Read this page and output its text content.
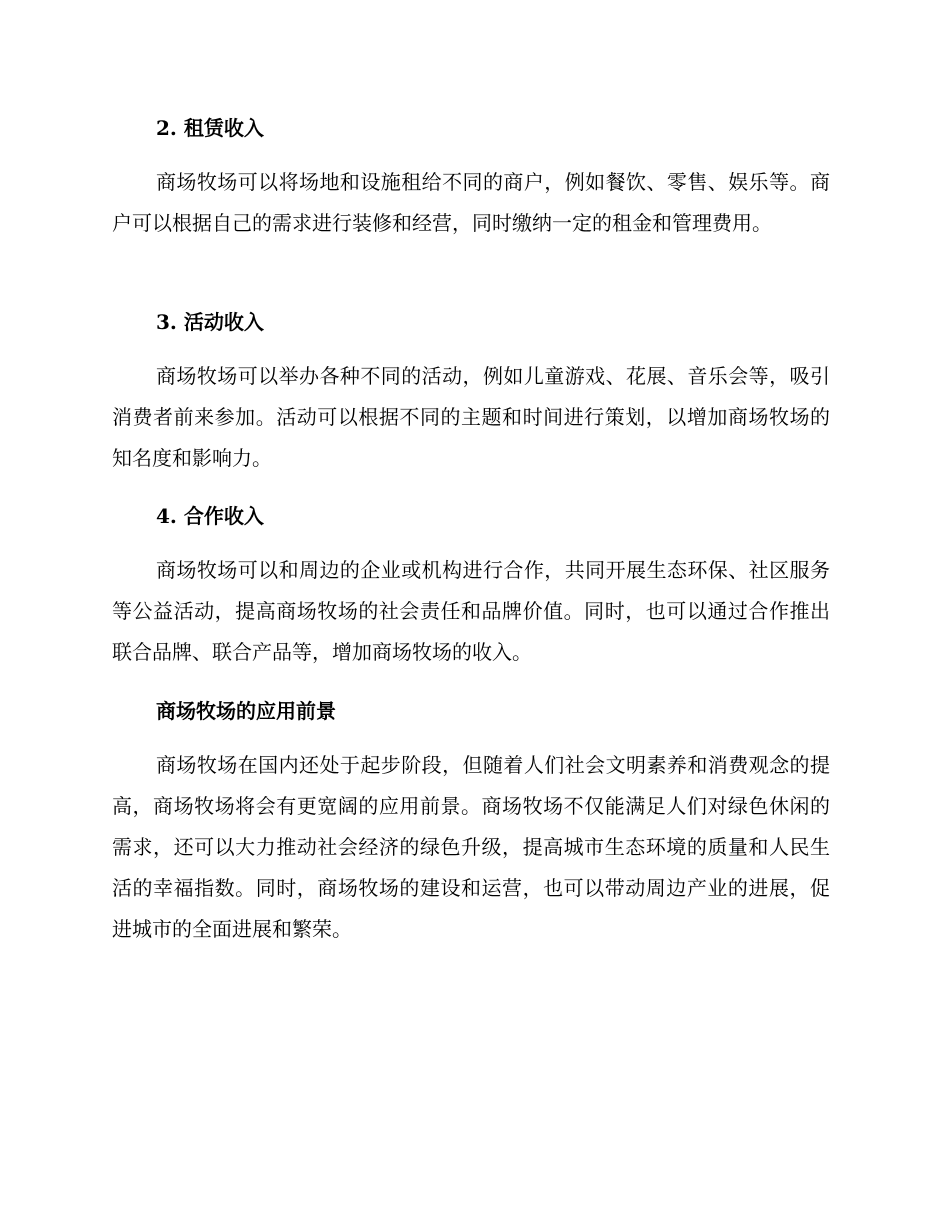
2. 租赁收入
商场牧场可以将场地和设施租给不同的商户，例如餐饮、零售、娱乐等。商户可以根据自己的需求进行装修和经营，同时缴纳一定的租金和管理费用。
3. 活动收入
商场牧场可以举办各种不同的活动，例如儿童游戏、花展、音乐会等，吸引消费者前来参加。活动可以根据不同的主题和时间进行策划，以增加商场牧场的知名度和影响力。
4. 合作收入
商场牧场可以和周边的企业或机构进行合作，共同开展生态环保、社区服务等公益活动，提高商场牧场的社会责任和品牌价值。同时，也可以通过合作推出联合品牌、联合产品等，增加商场牧场的收入。
商场牧场的应用前景
商场牧场在国内还处于起步阶段，但随着人们社会文明素养和消费观念的提高，商场牧场将会有更宽阔的应用前景。商场牧场不仅能满足人们对绿色休闲的需求，还可以大力推动社会经济的绿色升级，提高城市生态环境的质量和人民生活的幸福指数。同时，商场牧场的建设和运营，也可以带动周边产业的进展，促进城市的全面进展和繁荣。
